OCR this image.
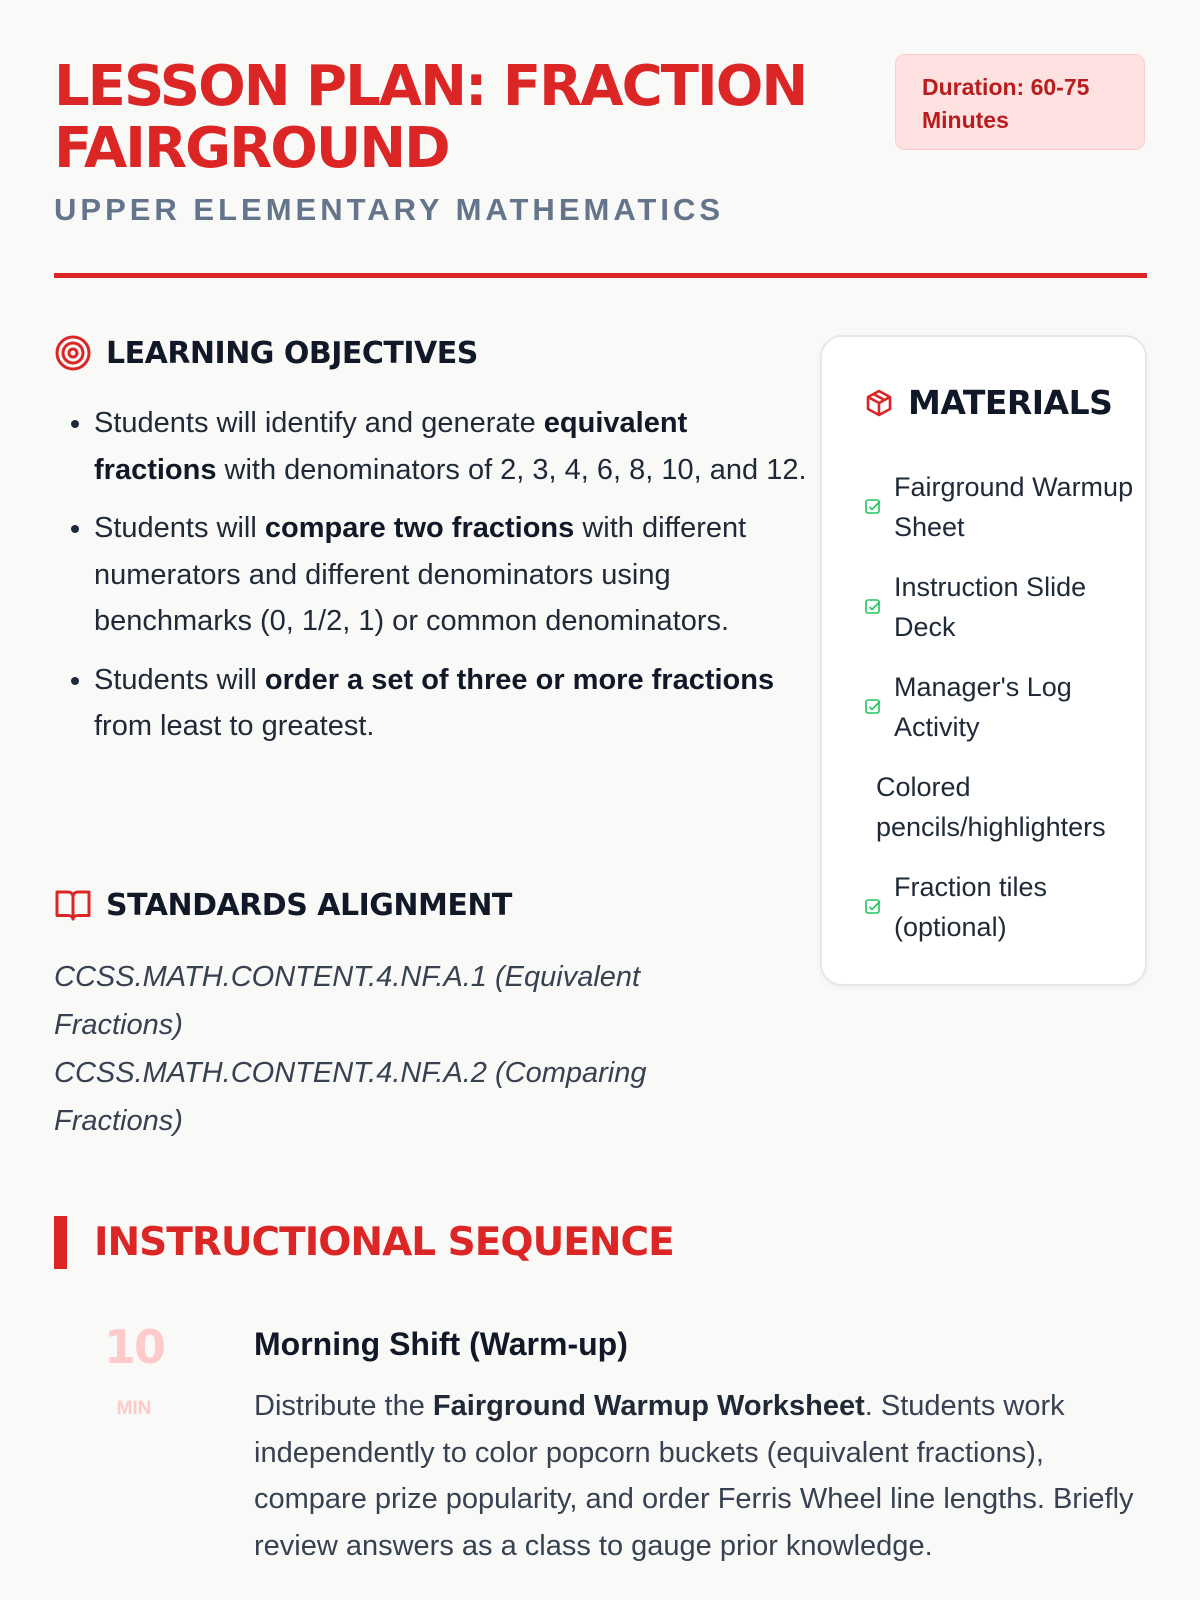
LESSON PLAN: FRACTION FAIRGROUND
UPPER ELEMENTARY MATHEMATICS
Duration: 60-75 Minutes
LEARNING OBJECTIVES
• Students will identify and generate equivalent fractions with denominators of 2, 3, 4, 6, 8, 10, and 12.
• Students will compare two fractions with different numerators and different denominators using benchmarks (0, 1/2, 1) or common denominators.
• Students will order a set of three or more fractions from least to greatest.
STANDARDS ALIGNMENT
CCSS.MATH.CONTENT.4.NF.A.1 (Equivalent Fractions)
CCSS.MATH.CONTENT.4.NF.A.2 (Comparing Fractions)
MATERIALS
Fairground Warmup Sheet
Instruction Slide Deck
Manager's Log Activity
Colored pencils/highlighters
Fraction tiles (optional)
INSTRUCTIONAL SEQUENCE
10
MIN
Morning Shift (Warm-up)
Distribute the Fairground Warmup Worksheet. Students work independently to color popcorn buckets (equivalent fractions), compare prize popularity, and order Ferris Wheel line lengths. Briefly review answers as a class to gauge prior knowledge.
